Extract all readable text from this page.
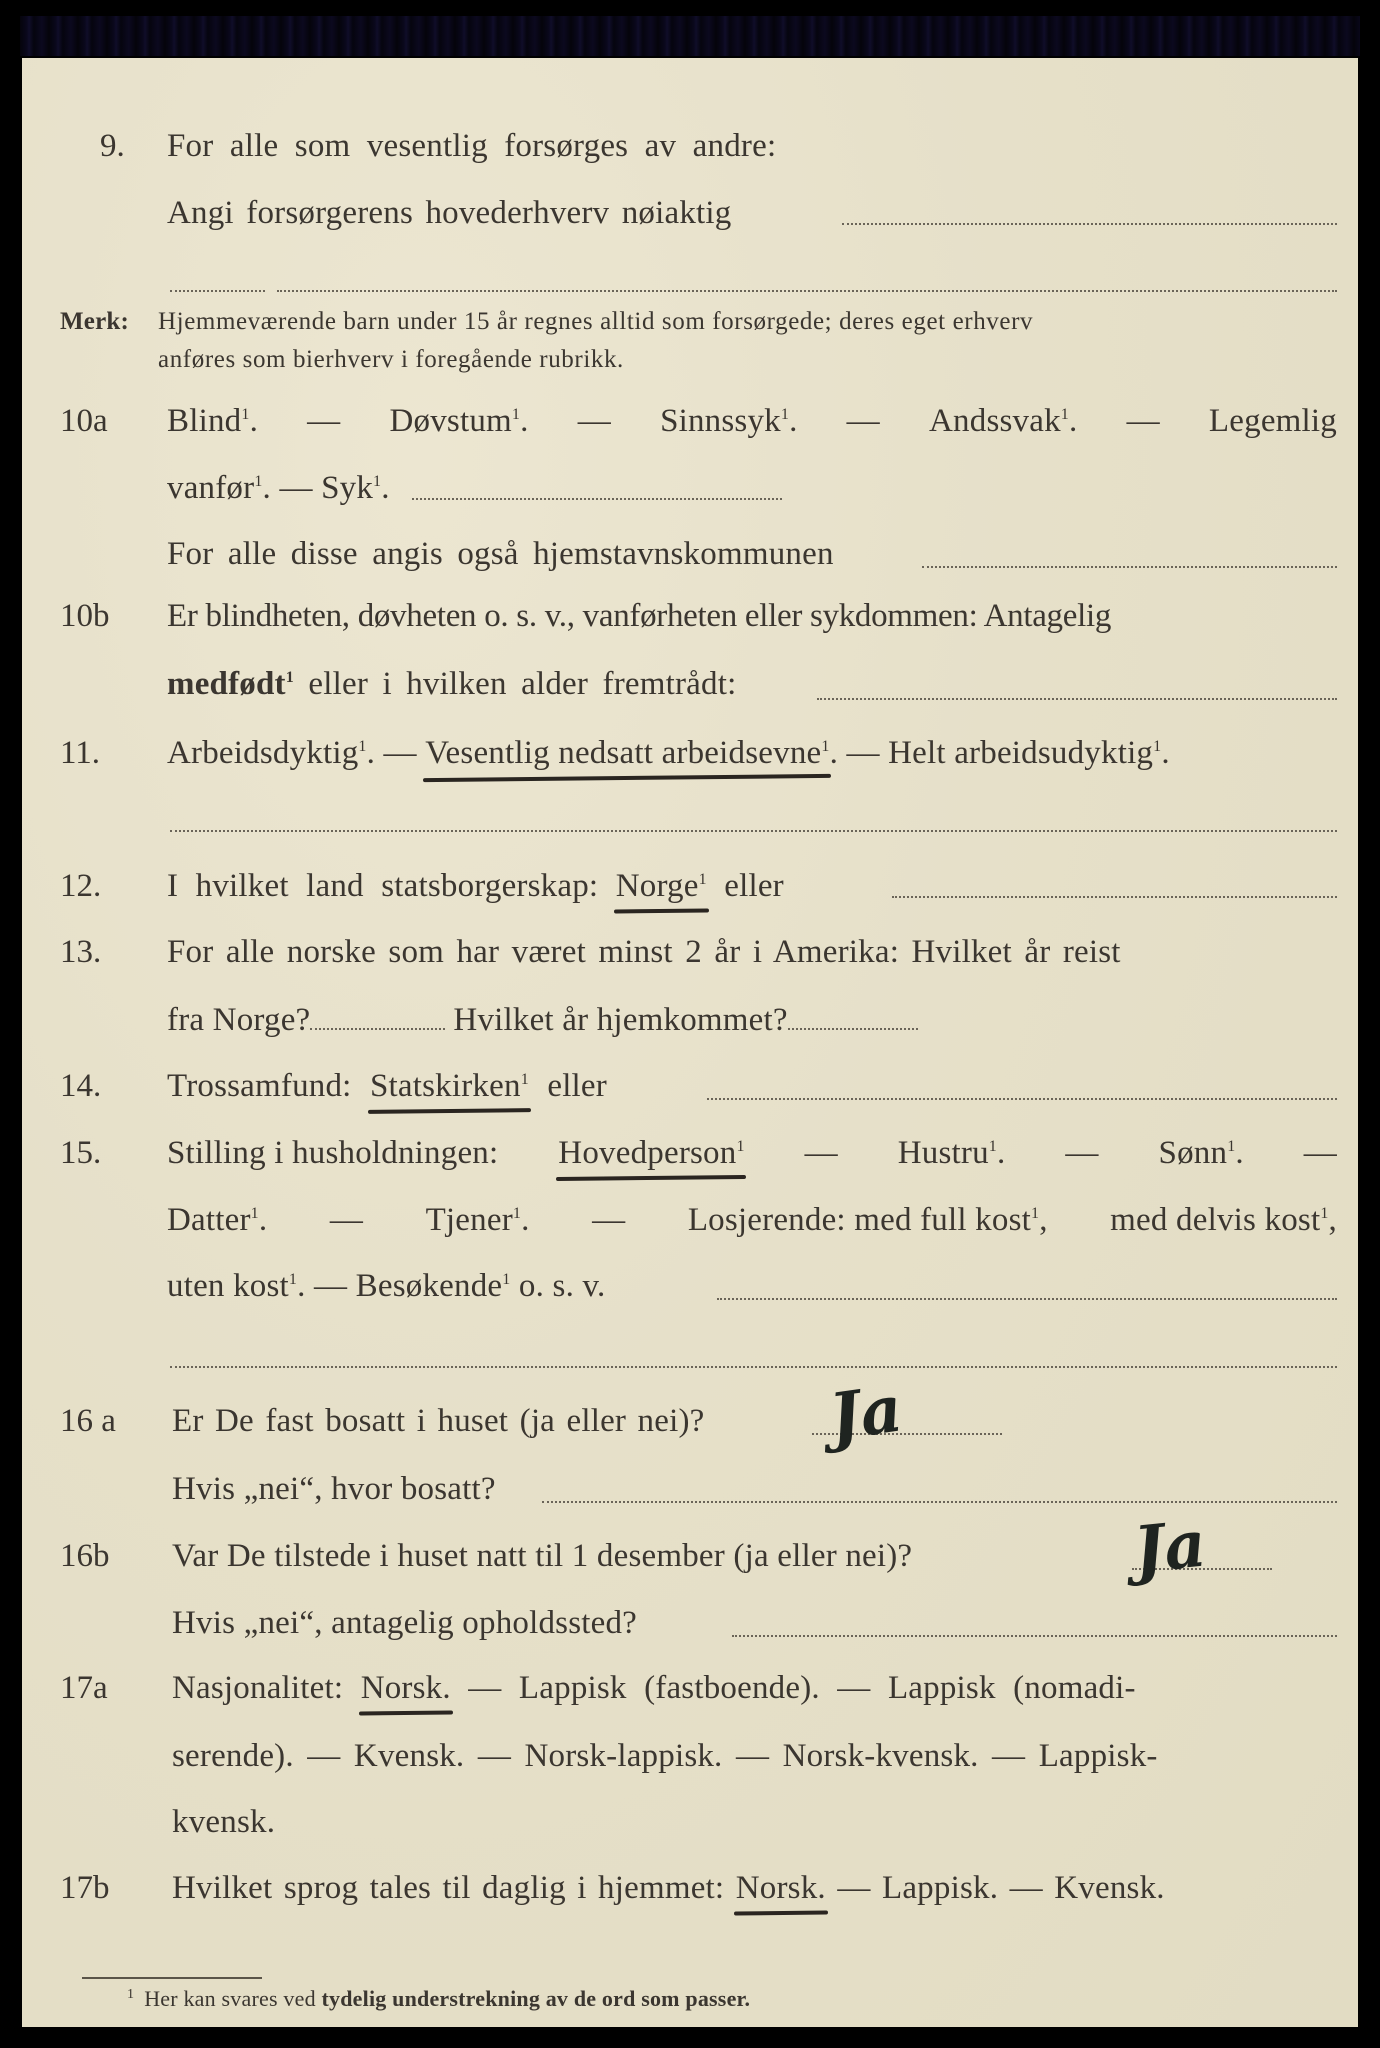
9. For alle som vesentlig forsørges av andre:
Angi forsørgerens hovederhverv nøiaktig
Merk: Hjemmeværende barn under 15 år regnes alltid som forsørgede; deres eget erhverv
anføres som bierhverv i foregående rubrikk.
10a Blind$^1$. — Døvstum$^1$. — Sinnssyk$^1$. — Andssvak$^1$. — Legemlig
vanfør$^1$. — Syk$^1$.
For alle disse angis også hjemstavnskommunen
10b Er blindheten, døvheten o. s. v., vanførheten eller sykdommen: Antagelig
medfødt$^1$ eller i hvilken alder fremtrådt:
11. Arbeidsdyktig$^1$. — Vesentlig nedsatt arbeidsevne$^1$. — Helt arbeidsudyktig$^1$.
12. I hvilket land statsborgerskap: Norge$^1$ eller
13. For alle norske som har været minst 2 år i Amerika: Hvilket år reist
fra Norge?	Hvilket år hjemkommet?
14. Trossamfund: Statskirken$^1$ eller
15. Stilling i husholdningen: Hovedperson$^1$ — Hustru$^1$. — Sønn$^1$. —
Datter$^1$. — Tjener$^1$. — Losjerende: med full kost$^1$, med delvis kost$^1$,
uten kost$^1$. — Besøkende$^1$ o. s. v.
16 a Er De fast bosatt i huset (ja eller nei)? Ja
Hvis „nei“, hvor bosatt?
16b Var De tilstede i huset natt til 1 desember (ja eller nei)?	Ja
Hvis „nei“, antagelig opholdssted?
17a Nasjonalitet: Norsk. — Lappisk (fastboende). — Lappisk (nomadi-
serende). — Kvensk. — Norsk-lappisk. — Norsk-kvensk. — Lappisk-
kvensk.
17b Hvilket sprog tales til daglig i hjemmet: Norsk. — Lappisk. — Kvensk.
$^1$ Her kan svares ved tydelig understrekning av de ord som passer.
